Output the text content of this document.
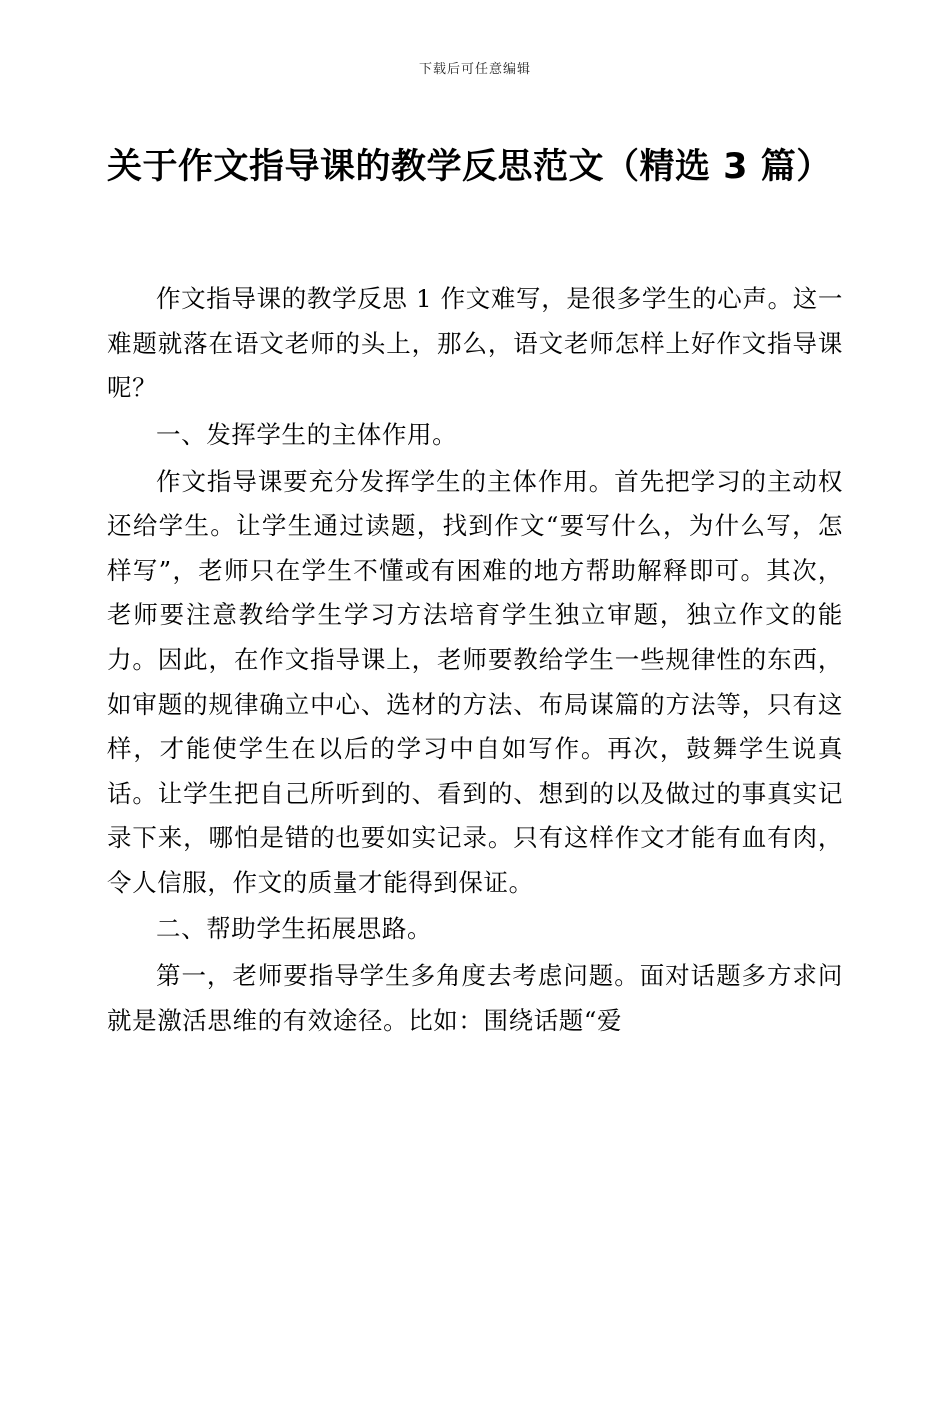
下载后可任意编辑
关于作文指导课的教学反思范文（精选 3 篇）

作文指导课的教学反思 1 作文难写，是很多学生的心声。这一难题就落在语文老师的头上，那么，语文老师怎样上好作文指导课呢？

一、发挥学生的主体作用。

作文指导课要充分发挥学生的主体作用。首先把学习的主动权还给学生。让学生通过读题，找到作文“要写什么，为什么写，怎样写”，老师只在学生不懂或有困难的地方帮助解释即可。其次，老师要注意教给学生学习方法培育学生独立审题，独立作文的能力。因此，在作文指导课上，老师要教给学生一些规律性的东西，如审题的规律确立中心、选材的方法、布局谋篇的方法等，只有这样，才能使学生在以后的学习中自如写作。再次，鼓舞学生说真话。让学生把自己所听到的、看到的、想到的以及做过的事真实记录下来，哪怕是错的也要如实记录。只有这样作文才能有血有肉，令人信服，作文的质量才能得到保证。

二、帮助学生拓展思路。

第一，老师要指导学生多角度去考虑问题。面对话题多方求问就是激活思维的有效途径。比如：围绕话题“爱
